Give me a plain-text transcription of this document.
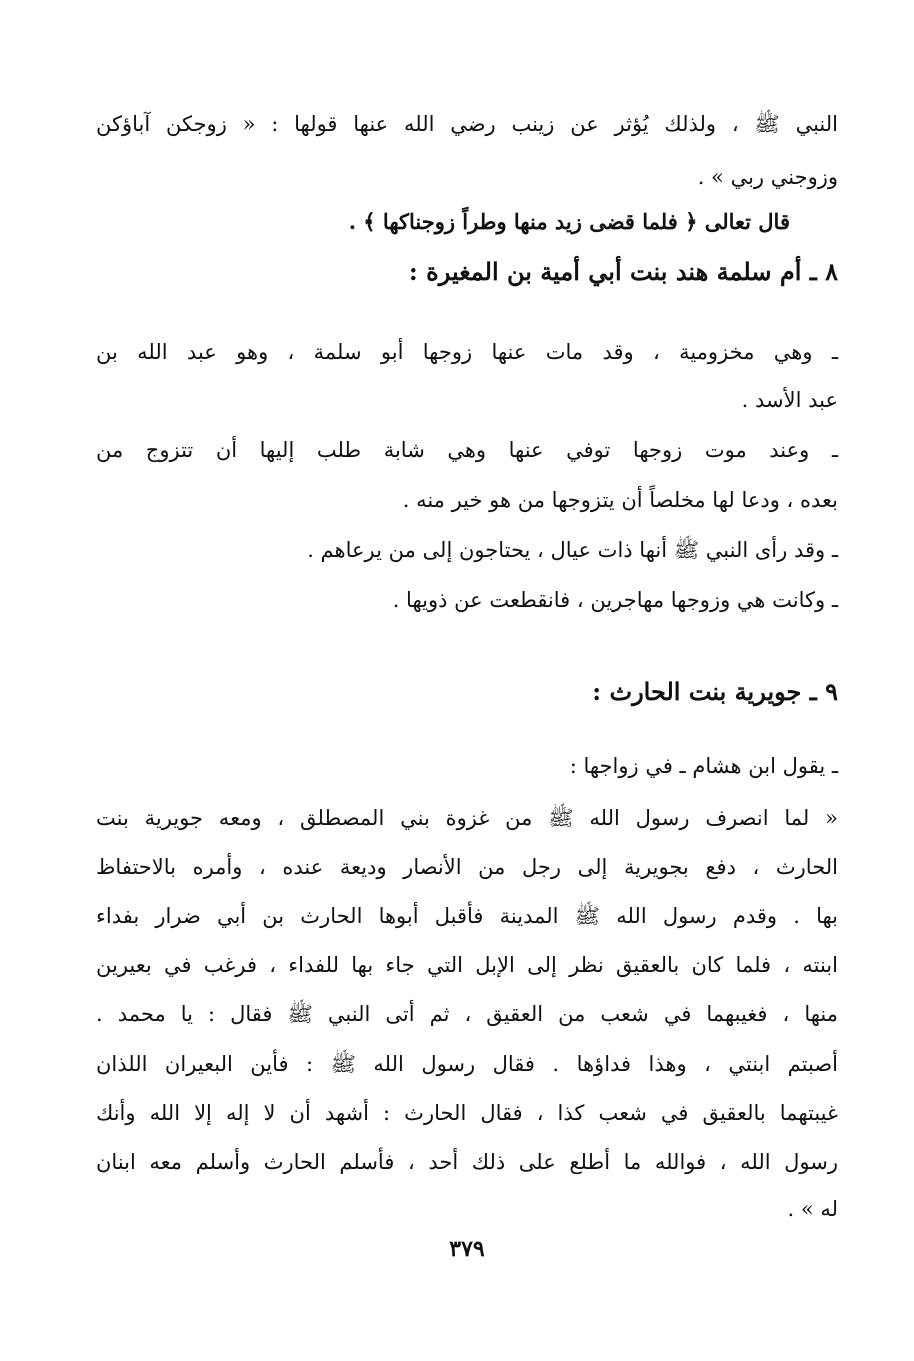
النبي ﷺ ، ولذلك يُؤثر عن زينب رضي الله عنها قولها : « زوجكن آباؤكن
وزوجني ربي » .
قال تعالى ﴿ فلما قضى زيد منها وطراً زوجناكها ﴾ .
٨ ـ أم سلمة هند بنت أبي أمية بن المغيرة :
ـ وهي مخزومية ، وقد مات عنها زوجها أبو سلمة ، وهو عبد الله بن
عبد الأسد .
ـ وعند موت زوجها توفي عنها وهي شابة طلب إليها أن تتزوج من
بعده ، ودعا لها مخلصاً أن يتزوجها من هو خير منه .
ـ وقد رأى النبي ﷺ أنها ذات عيال ، يحتاجون إلى من يرعاهم .
ـ وكانت هي وزوجها مهاجرين ، فانقطعت عن ذويها .
٩ ـ جويرية بنت الحارث :
ـ يقول ابن هشام ـ في زواجها :
« لما انصرف رسول الله ﷺ من غزوة بني المصطلق ، ومعه جويرية بنت
الحارث ، دفع بجويرية إلى رجل من الأنصار وديعة عنده ، وأمره بالاحتفاظ
بها . وقدم رسول الله ﷺ المدينة فأقبل أبوها الحارث بن أبي ضرار بفداء
ابنته ، فلما كان بالعقيق نظر إلى الإبل التي جاء بها للفداء ، فرغب في بعيرين
منها ، فغيبهما في شعب من العقيق ، ثم أتى النبي ﷺ فقال : يا محمد .
أصبتم ابنتي ، وهذا فداؤها . فقال رسول الله ﷺ : فأين البعيران اللذان
غيبتهما بالعقيق في شعب كذا ، فقال الحارث : أشهد أن لا إله إلا الله وأنك
رسول الله ، فوالله ما أطلع على ذلك أحد ، فأسلم الحارث وأسلم معه ابنان
له » .
٣٧٩
